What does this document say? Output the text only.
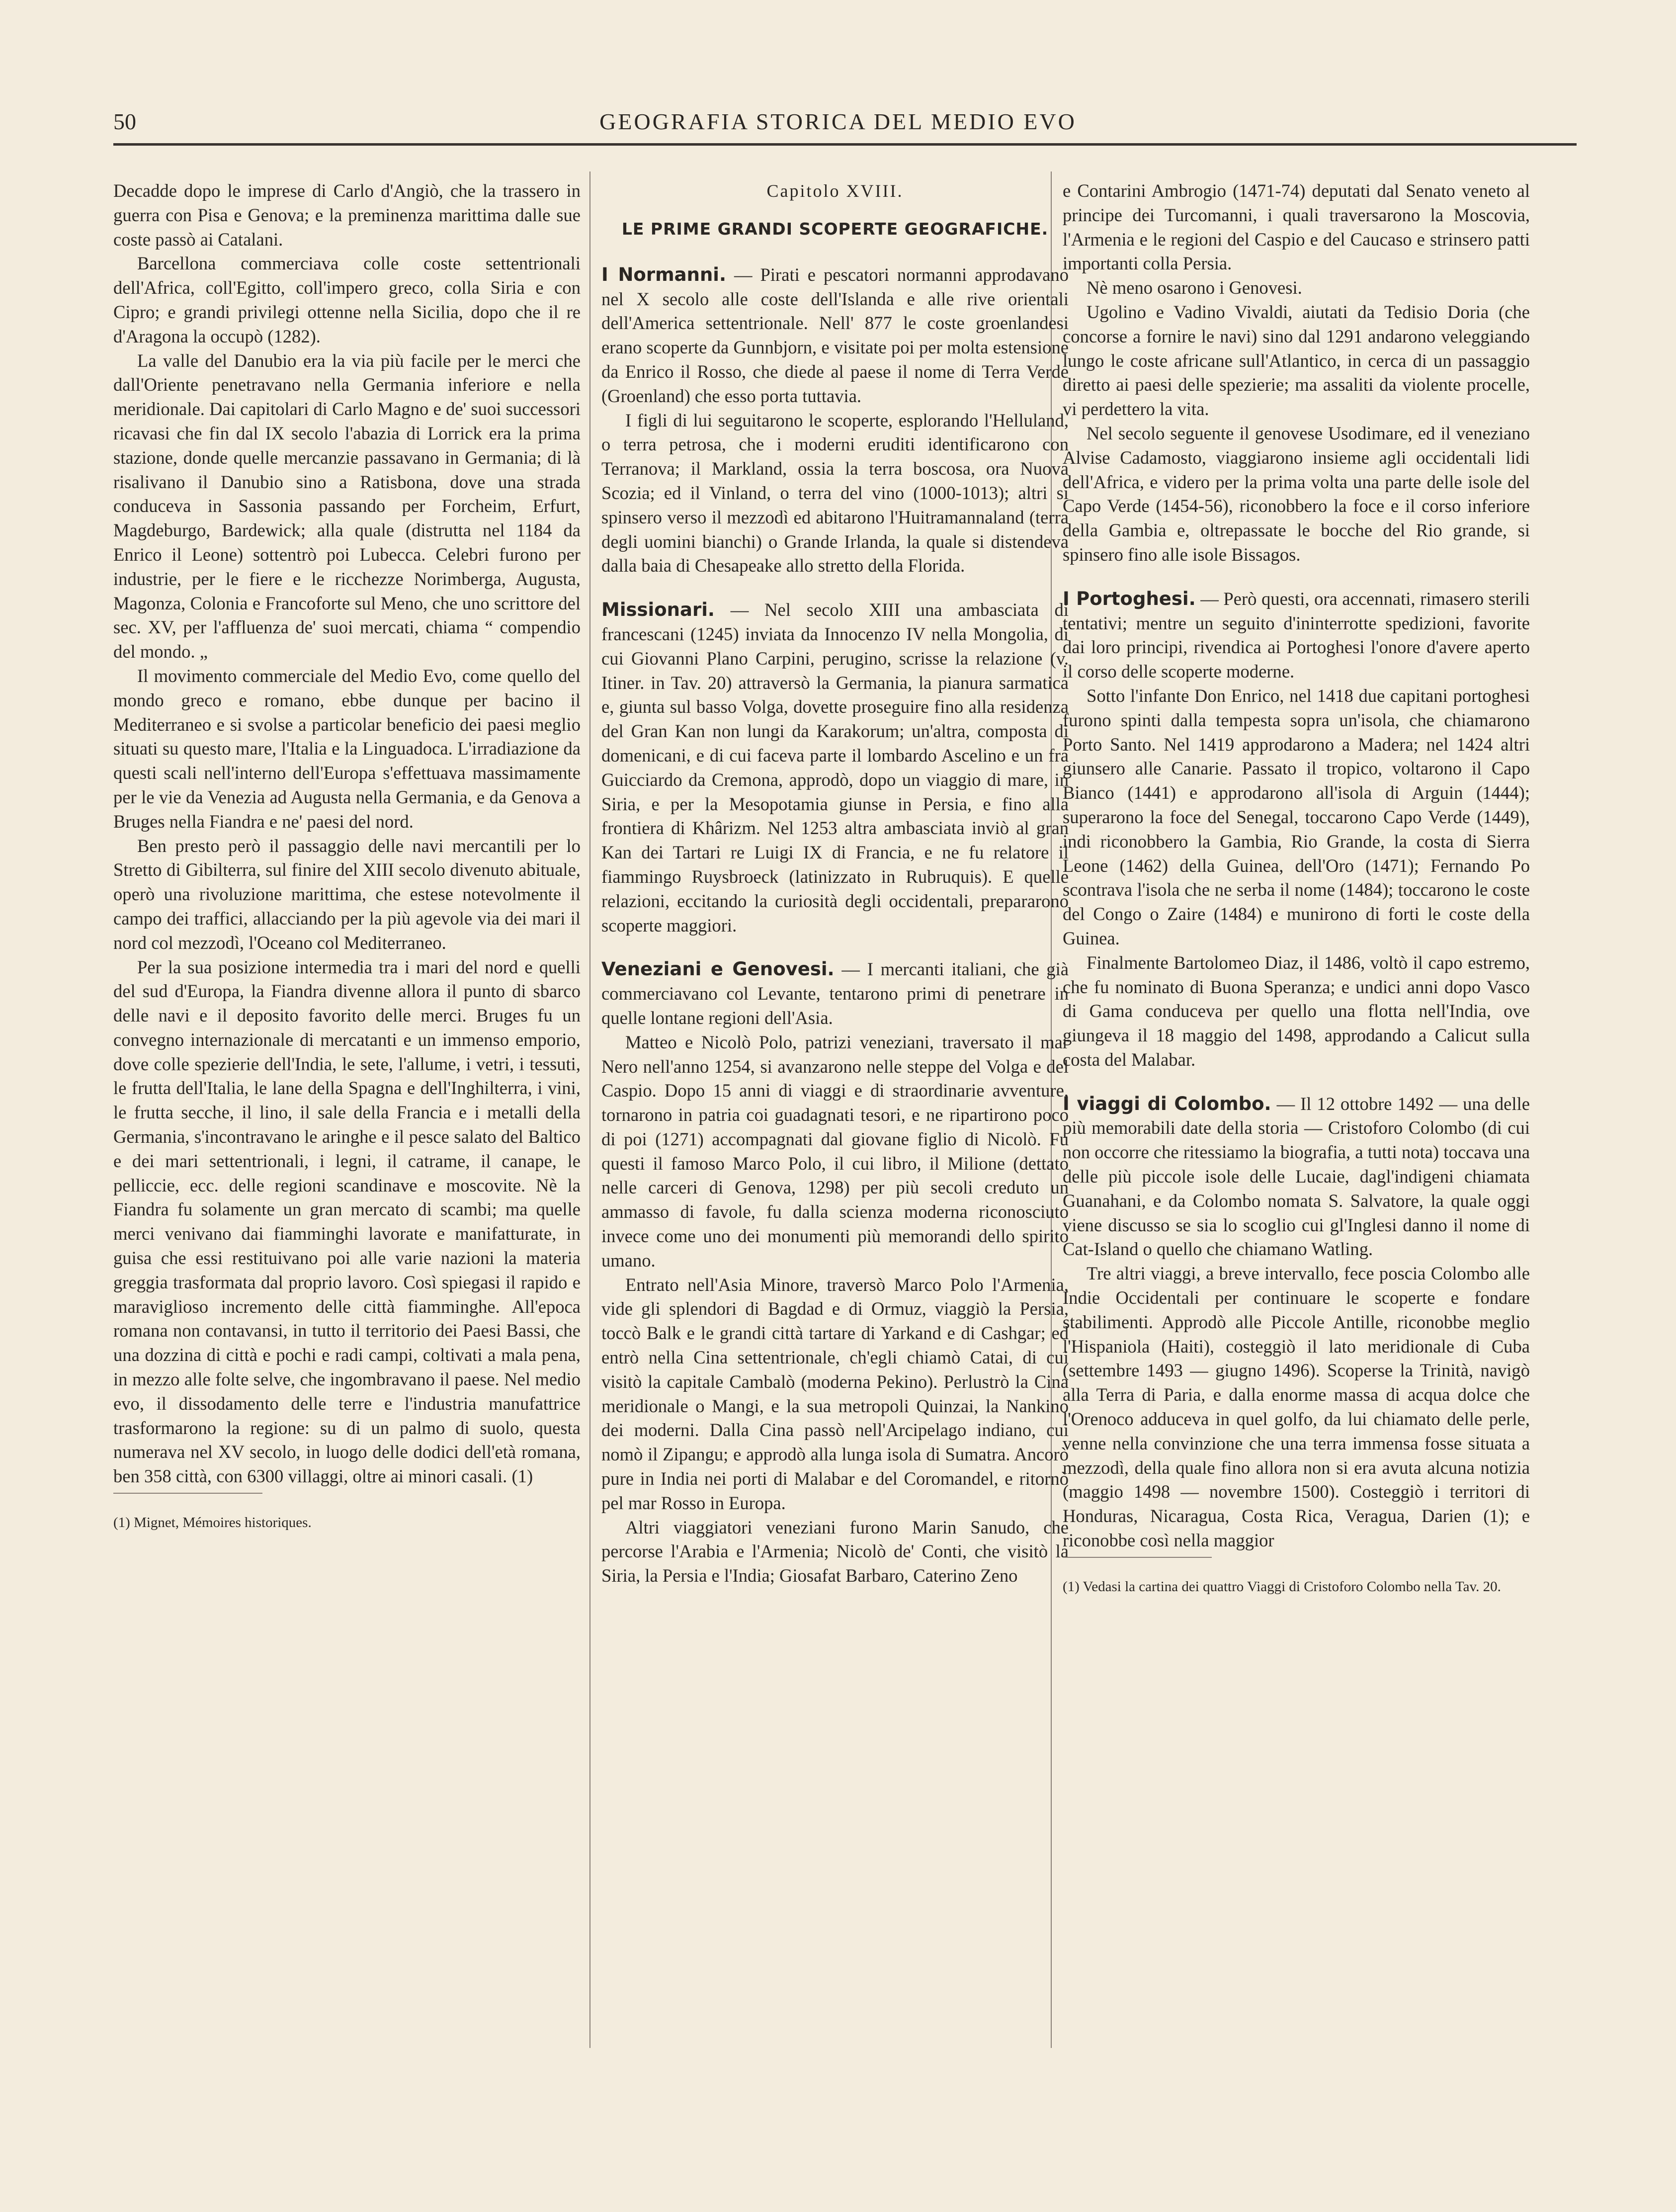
50	GEOGRAFIA STORICA DEL MEDIO EVO

Decadde dopo le imprese di Carlo d'Angiò, che la trassero in guerra con Pisa e Genova; e la preminenza marittima dalle sue coste passò ai Catalani.

Barcellona commerciava colle coste settentrionali dell'Africa, coll'Egitto, coll'impero greco, colla Siria e con Cipro; e grandi privilegi ottenne nella Sicilia, dopo che il re d'Aragona la occupò (1282).

La valle del Danubio era la via più facile per le merci che dall'Oriente penetravano nella Germania inferiore e nella meridionale. Dai capitolari di Carlo Magno e de' suoi successori ricavasi che fin dal IX secolo l'abazia di Lorrick era la prima stazione, donde quelle mercanzie passavano in Germania; di là risalivano il Danubio sino a Ratisbona, dove una strada conduceva in Sassonia passando per Forcheim, Erfurt, Magdeburgo, Bardewick; alla quale (distrutta nel 1184 da Enrico il Leone) sottentrò poi Lubecca. Celebri furono per industrie, per le fiere e le ricchezze Norimberga, Augusta, Magonza, Colonia e Francoforte sul Meno, che uno scrittore del sec. XV, per l'affluenza de' suoi mercati, chiama “ compendio del mondo. „

Il movimento commerciale del Medio Evo, come quello del mondo greco e romano, ebbe dunque per bacino il Mediterraneo e si svolse a particolar beneficio dei paesi meglio situati su questo mare, l'Italia e la Linguadoca. L'irradiazione da questi scali nell'interno dell'Europa s'effettuava massimamente per le vie da Venezia ad Augusta nella Germania, e da Genova a Bruges nella Fiandra e ne' paesi del nord.

Ben presto però il passaggio delle navi mercantili per lo Stretto di Gibilterra, sul finire del XIII secolo divenuto abituale, operò una rivoluzione marittima, che estese notevolmente il campo dei traffici, allacciando per la più agevole via dei mari il nord col mezzodì, l'Oceano col Mediterraneo.

Per la sua posizione intermedia tra i mari del nord e quelli del sud d'Europa, la Fiandra divenne allora il punto di sbarco delle navi e il deposito favorito delle merci. Bruges fu un convegno internazionale di mercatanti e un immenso emporio, dove colle spezierie dell'India, le sete, l'allume, i vetri, i tessuti, le frutta dell'Italia, le lane della Spagna e dell'Inghilterra, i vini, le frutta secche, il lino, il sale della Francia e i metalli della Germania, s'incontravano le aringhe e il pesce salato del Baltico e dei mari settentrionali, i legni, il catrame, il canape, le pelliccie, ecc. delle regioni scandinave e moscovite. Nè la Fiandra fu solamente un gran mercato di scambi; ma quelle merci venivano dai fiamminghi lavorate e manifatturate, in guisa che essi restituivano poi alle varie nazioni la materia greggia trasformata dal proprio lavoro. Così spiegasi il rapido e maraviglioso incremento delle città fiamminghe. All'epoca romana non contavansi, in tutto il territorio dei Paesi Bassi, che una dozzina di città e pochi e radi campi, coltivati a mala pena, in mezzo alle folte selve, che ingombravano il paese. Nel medio evo, il dissodamento delle terre e l'industria manufattrice trasformarono la regione: su di un palmo di suolo, questa numerava nel XV secolo, in luogo delle dodici dell'età romana, ben 358 città, con 6300 villaggi, oltre ai minori casali. (1)

(1) Mignet, Mémoires historiques.

Capitolo XVIII.
LE PRIME GRANDI SCOPERTE GEOGRAFICHE.

I Normanni. — Pirati e pescatori normanni approdavano nel X secolo alle coste dell'Islanda e alle rive orientali dell'America settentrionale. Nell' 877 le coste groenlandesi erano scoperte da Gunnbjorn, e visitate poi per molta estensione da Enrico il Rosso, che diede al paese il nome di Terra Verde (Groenland) che esso porta tuttavia.

I figli di lui seguitarono le scoperte, esplorando l'Helluland, o terra petrosa, che i moderni eruditi identificarono con Terranova; il Markland, ossia la terra boscosa, ora Nuova Scozia; ed il Vinland, o terra del vino (1000-1013); altri si spinsero verso il mezzodì ed abitarono l'Huitramannaland (terra degli uomini bianchi) o Grande Irlanda, la quale si distendeva dalla baia di Chesapeake allo stretto della Florida.

Missionari. — Nel secolo XIII una ambasciata di francescani (1245) inviata da Innocenzo IV nella Mongolia, di cui Giovanni Plano Carpini, perugino, scrisse la relazione (v. Itiner. in Tav. 20) attraversò la Germania, la pianura sarmatica e, giunta sul basso Volga, dovette proseguire fino alla residenza del Gran Kan non lungi da Karakorum; un'altra, composta di domenicani, e di cui faceva parte il lombardo Ascelino e un fra Guicciardo da Cremona, approdò, dopo un viaggio di mare, in Siria, e per la Mesopotamia giunse in Persia, e fino alla frontiera di Khârizm. Nel 1253 altra ambasciata inviò al gran Kan dei Tartari re Luigi IX di Francia, e ne fu relatore il fiammingo Ruysbroeck (latinizzato in Rubruquis). E quelle relazioni, eccitando la curiosità degli occidentali, prepararono scoperte maggiori.

Veneziani e Genovesi. — I mercanti italiani, che già commerciavano col Levante, tentarono primi di penetrare in quelle lontane regioni dell'Asia.

Matteo e Nicolò Polo, patrizi veneziani, traversato il mar Nero nell'anno 1254, si avanzarono nelle steppe del Volga e del Caspio. Dopo 15 anni di viaggi e di straordinarie avventure, tornarono in patria coi guadagnati tesori, e ne ripartirono poco di poi (1271) accompagnati dal giovane figlio di Nicolò. Fu questi il famoso Marco Polo, il cui libro, il Milione (dettato nelle carceri di Genova, 1298) per più secoli creduto un ammasso di favole, fu dalla scienza moderna riconosciuto invece come uno dei monumenti più memorandi dello spirito umano.

Entrato nell'Asia Minore, traversò Marco Polo l'Armenia, vide gli splendori di Bagdad e di Ormuz, viaggiò la Persia, toccò Balk e le grandi città tartare di Yarkand e di Cashgar; ed entrò nella Cina settentrionale, ch'egli chiamò Catai, di cui visitò la capitale Cambalò (moderna Pekino). Perlustrò la Cina meridionale o Mangi, e la sua metropoli Quinzai, la Nankino dei moderni. Dalla Cina passò nell'Arcipelago indiano, cui nomò il Zipangu; e approdò alla lunga isola di Sumatra. Ancorò pure in India nei porti di Malabar e del Coromandel, e ritornò pel mar Rosso in Europa.

Altri viaggiatori veneziani furono Marin Sanudo, che percorse l'Arabia e l'Armenia; Nicolò de' Conti, che visitò la Siria, la Persia e l'India; Giosafat Barbaro, Caterino Zeno

e Contarini Ambrogio (1471-74) deputati dal Senato veneto al principe dei Turcomanni, i quali traversarono la Moscovia, l'Armenia e le regioni del Caspio e del Caucaso e strinsero patti importanti colla Persia.

Nè meno osarono i Genovesi.

Ugolino e Vadino Vivaldi, aiutati da Tedisio Doria (che concorse a fornire le navi) sino dal 1291 andarono veleggiando lungo le coste africane sull'Atlantico, in cerca di un passaggio diretto ai paesi delle spezierie; ma assaliti da violente procelle, vi perdettero la vita.

Nel secolo seguente il genovese Usodimare, ed il veneziano Alvise Cadamosto, viaggiarono insieme agli occidentali lidi dell'Africa, e videro per la prima volta una parte delle isole del Capo Verde (1454-56), riconobbero la foce e il corso inferiore della Gambia e, oltrepassate le bocche del Rio grande, si spinsero fino alle isole Bissagos.

I Portoghesi. — Però questi, ora accennati, rimasero sterili tentativi; mentre un seguito d'ininterrotte spedizioni, favorite dai loro principi, rivendica ai Portoghesi l'onore d'avere aperto il corso delle scoperte moderne.

Sotto l'infante Don Enrico, nel 1418 due capitani portoghesi furono spinti dalla tempesta sopra un'isola, che chiamarono Porto Santo. Nel 1419 approdarono a Madera; nel 1424 altri giunsero alle Canarie. Passato il tropico, voltarono il Capo Bianco (1441) e approdarono all'isola di Arguin (1444); superarono la foce del Senegal, toccarono Capo Verde (1449), indi riconobbero la Gambia, Rio Grande, la costa di Sierra Leone (1462) della Guinea, dell'Oro (1471); Fernando Po scontrava l'isola che ne serba il nome (1484); toccarono le coste del Congo o Zaire (1484) e munirono di forti le coste della Guinea.

Finalmente Bartolomeo Diaz, il 1486, voltò il capo estremo, che fu nominato di Buona Speranza; e undici anni dopo Vasco di Gama conduceva per quello una flotta nell'India, ove giungeva il 18 maggio del 1498, approdando a Calicut sulla costa del Malabar.

I viaggi di Colombo. — Il 12 ottobre 1492 — una delle più memorabili date della storia — Cristoforo Colombo (di cui non occorre che ritessiamo la biografia, a tutti nota) toccava una delle più piccole isole delle Lucaie, dagl'indigeni chiamata Guanahani, e da Colombo nomata S. Salvatore, la quale oggi viene discusso se sia lo scoglio cui gl'Inglesi danno il nome di Cat-Island o quello che chiamano Watling.

Tre altri viaggi, a breve intervallo, fece poscia Colombo alle Indie Occidentali per continuare le scoperte e fondare stabilimenti. Approdò alle Piccole Antille, riconobbe meglio l'Hispaniola (Haiti), costeggiò il lato meridionale di Cuba (settembre 1493 — giugno 1496). Scoperse la Trinità, navigò alla Terra di Paria, e dalla enorme massa di acqua dolce che l'Orenoco adduceva in quel golfo, da lui chiamato delle perle, venne nella convinzione che una terra immensa fosse situata a mezzodì, della quale fino allora non si era avuta alcuna notizia (maggio 1498 — novembre 1500). Costeggiò i territori di Honduras, Nicaragua, Costa Rica, Veragua, Darien (1); e riconobbe così nella maggior

(1) Vedasi la cartina dei quattro Viaggi di Cristoforo Colombo nella Tav. 20.
